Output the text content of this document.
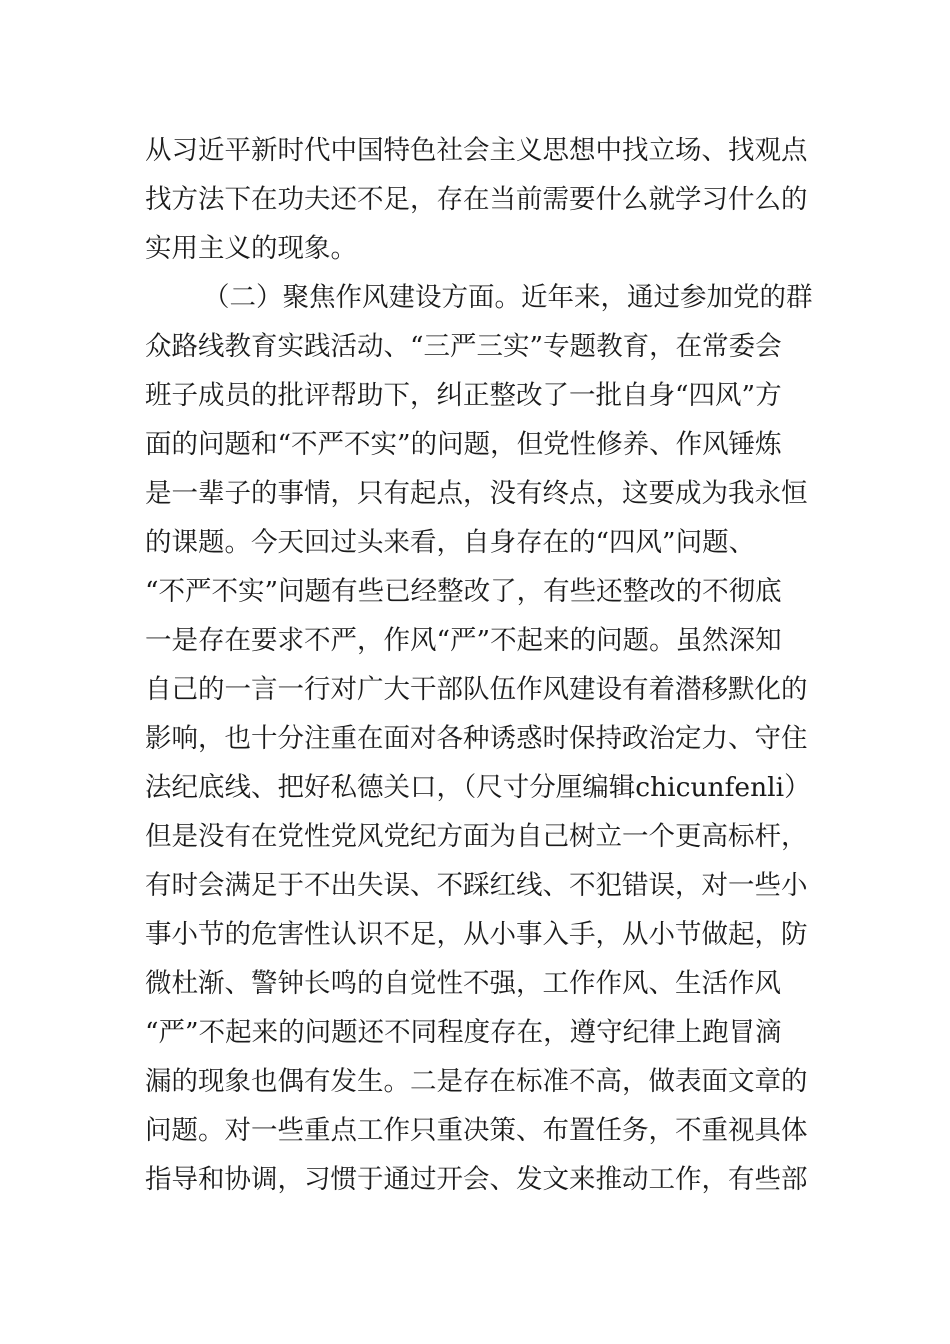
从习近平新时代中国特色社会主义思想中找立场、找观点
找方法下在功夫还不足，存在当前需要什么就学习什么的
实用主义的现象。
（二）聚焦作风建设方面。近年来，通过参加党的群
众路线教育实践活动、“三严三实”专题教育，在常委会
班子成员的批评帮助下，纠正整改了一批自身“四风”方
面的问题和“不严不实”的问题，但党性修养、作风锤炼
是一辈子的事情，只有起点，没有终点，这要成为我永恒
的课题。今天回过头来看，自身存在的“四风”问题、
“不严不实”问题有些已经整改了，有些还整改的不彻底
一是存在要求不严，作风“严”不起来的问题。虽然深知
自己的一言一行对广大干部队伍作风建设有着潜移默化的
影响，也十分注重在面对各种诱惑时保持政治定力、守住
法纪底线、把好私德关口，（尺寸分厘编辑chicunfenli）
但是没有在党性党风党纪方面为自己树立一个更高标杆，
有时会满足于不出失误、不踩红线、不犯错误，对一些小
事小节的危害性认识不足，从小事入手，从小节做起，防
微杜渐、警钟长鸣的自觉性不强，工作作风、生活作风
“严”不起来的问题还不同程度存在，遵守纪律上跑冒滴
漏的现象也偶有发生。二是存在标准不高，做表面文章的
问题。对一些重点工作只重决策、布置任务，不重视具体
指导和协调，习惯于通过开会、发文来推动工作，有些部
